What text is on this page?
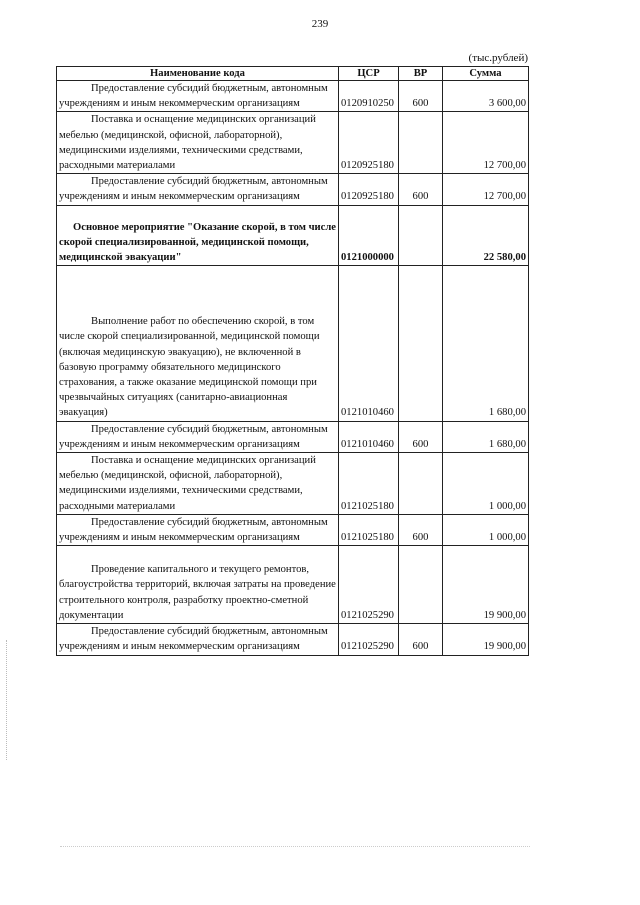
239
(тыс.рублей)
Наименование кода	ЦСР	ВР	Сумма
Предоставление субсидий бюджетным, автономным учреждениям и иным некоммерческим организациям	0120910250	600	3 600,00
Поставка и оснащение медицинских организаций мебелью (медицинской, офисной, лабораторной), медицинскими изделиями, техническими средствами, расходными материалами	0120925180		12 700,00
Предоставление субсидий бюджетным, автономным учреждениям и иным некоммерческим организациям	0120925180	600	12 700,00
Основное мероприятие "Оказание скорой, в том числе скорой специализированной, медицинской помощи, медицинской эвакуации"	0121000000		22 580,00
Выполнение работ по обеспечению скорой, в том числе скорой специализированной, медицинской помощи (включая медицинскую эвакуацию), не включенной в базовую программу обязательного медицинского страхования, а также оказание медицинской помощи при чрезвычайных ситуациях (санитарно-авиационная эвакуация)	0121010460		1 680,00
Предоставление субсидий бюджетным, автономным учреждениям и иным некоммерческим организациям	0121010460	600	1 680,00
Поставка и оснащение медицинских организаций мебелью (медицинской, офисной, лабораторной), медицинскими изделиями, техническими средствами, расходными материалами	0121025180		1 000,00
Предоставление субсидий бюджетным, автономным учреждениям и иным некоммерческим организациям	0121025180	600	1 000,00
Проведение капитального и текущего ремонтов, благоустройства территорий, включая затраты на проведение строительного контроля, разработку проектно-сметной документации	0121025290		19 900,00
Предоставление субсидий бюджетным, автономным учреждениям и иным некоммерческим организациям	0121025290	600	19 900,00
